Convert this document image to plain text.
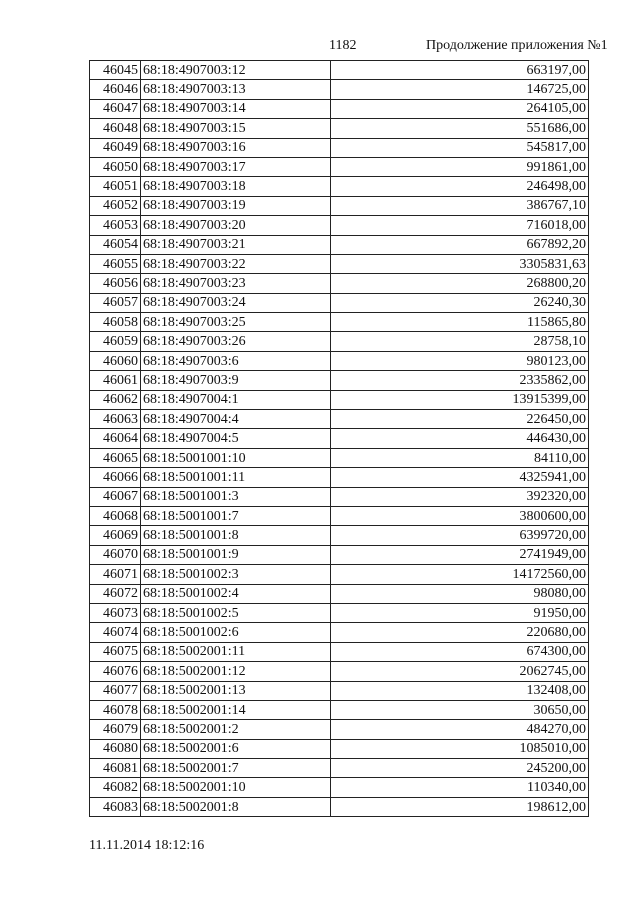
1182	Продолжение приложения №1
46045	68:18:4907003:12	663197,00
46046	68:18:4907003:13	146725,00
46047	68:18:4907003:14	264105,00
46048	68:18:4907003:15	551686,00
46049	68:18:4907003:16	545817,00
46050	68:18:4907003:17	991861,00
46051	68:18:4907003:18	246498,00
46052	68:18:4907003:19	386767,10
46053	68:18:4907003:20	716018,00
46054	68:18:4907003:21	667892,20
46055	68:18:4907003:22	3305831,63
46056	68:18:4907003:23	268800,20
46057	68:18:4907003:24	26240,30
46058	68:18:4907003:25	115865,80
46059	68:18:4907003:26	28758,10
46060	68:18:4907003:6	980123,00
46061	68:18:4907003:9	2335862,00
46062	68:18:4907004:1	13915399,00
46063	68:18:4907004:4	226450,00
46064	68:18:4907004:5	446430,00
46065	68:18:5001001:10	84110,00
46066	68:18:5001001:11	4325941,00
46067	68:18:5001001:3	392320,00
46068	68:18:5001001:7	3800600,00
46069	68:18:5001001:8	6399720,00
46070	68:18:5001001:9	2741949,00
46071	68:18:5001002:3	14172560,00
46072	68:18:5001002:4	98080,00
46073	68:18:5001002:5	91950,00
46074	68:18:5001002:6	220680,00
46075	68:18:5002001:11	674300,00
46076	68:18:5002001:12	2062745,00
46077	68:18:5002001:13	132408,00
46078	68:18:5002001:14	30650,00
46079	68:18:5002001:2	484270,00
46080	68:18:5002001:6	1085010,00
46081	68:18:5002001:7	245200,00
46082	68:18:5002001:10	110340,00
46083	68:18:5002001:8	198612,00
11.11.2014 18:12:16
